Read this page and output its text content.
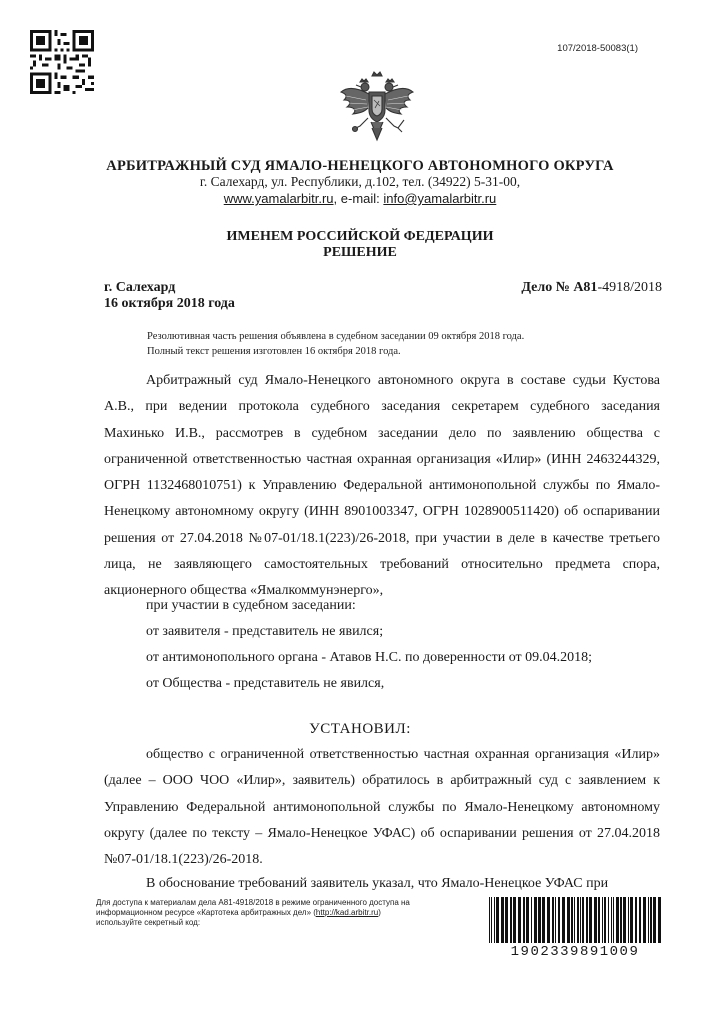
107/2018-50083(1)
АРБИТРАЖНЫЙ СУД ЯМАЛО-НЕНЕЦКОГО АВТОНОМНОГО ОКРУГА
г. Салехард, ул. Республики, д.102, тел. (34922) 5-31-00,
www.yamalarbitr.ru, e-mail: info@yamalarbitr.ru
ИМЕНЕМ РОССИЙСКОЙ ФЕДЕРАЦИИ
РЕШЕНИЕ
г. Салехард
16 октября 2018 года
Дело № А81-4918/2018
Резолютивная часть решения объявлена в судебном заседании 09 октября 2018 года.
Полный текст решения изготовлен 16 октября 2018 года.

Арбитражный суд Ямало-Ненецкого автономного округа в составе судьи Кустова А.В., при ведении протокола судебного заседания секретарем судебного заседания Махинько И.В., рассмотрев в судебном заседании дело по заявлению общества с ограниченной ответственностью частная охранная организация «Илир» (ИНН 2463244329, ОГРН 1132468010751) к Управлению Федеральной антимонопольной службы по Ямало-Ненецкому автономному округу (ИНН 8901003347, ОГРН 1028900511420) об оспаривании решения от 27.04.2018 №07-01/18.1(223)/26-2018, при участии в деле в качестве третьего лица, не заявляющего самостоятельных требований относительно предмета спора, акционерного общества «Ямалкоммунэнерго»,

при участии в судебном заседании:
от заявителя - представитель не явился;
от антимонопольного органа - Атавов Н.С. по доверенности от 09.04.2018;
от Общества - представитель не явился,
УСТАНОВИЛ:

общество с ограниченной ответственностью частная охранная организация «Илир» (далее – ООО ЧОО «Илир», заявитель) обратилось в арбитражный суд с заявлением к Управлению Федеральной антимонопольной службы по Ямало-Ненецкому автономному округу (далее по тексту – Ямало-Ненецкое УФАС) об оспаривании решения от 27.04.2018 №07-01/18.1(223)/26-2018.

В обоснование требований заявитель указал, что Ямало-Ненецкое УФАС при

Для доступа к материалам дела А81-4918/2018 в режиме ограниченного доступа на
информационном ресурсе «Картотека арбитражных дел» (http://kad.arbitr.ru)
используйте секретный код:
1902339891009
